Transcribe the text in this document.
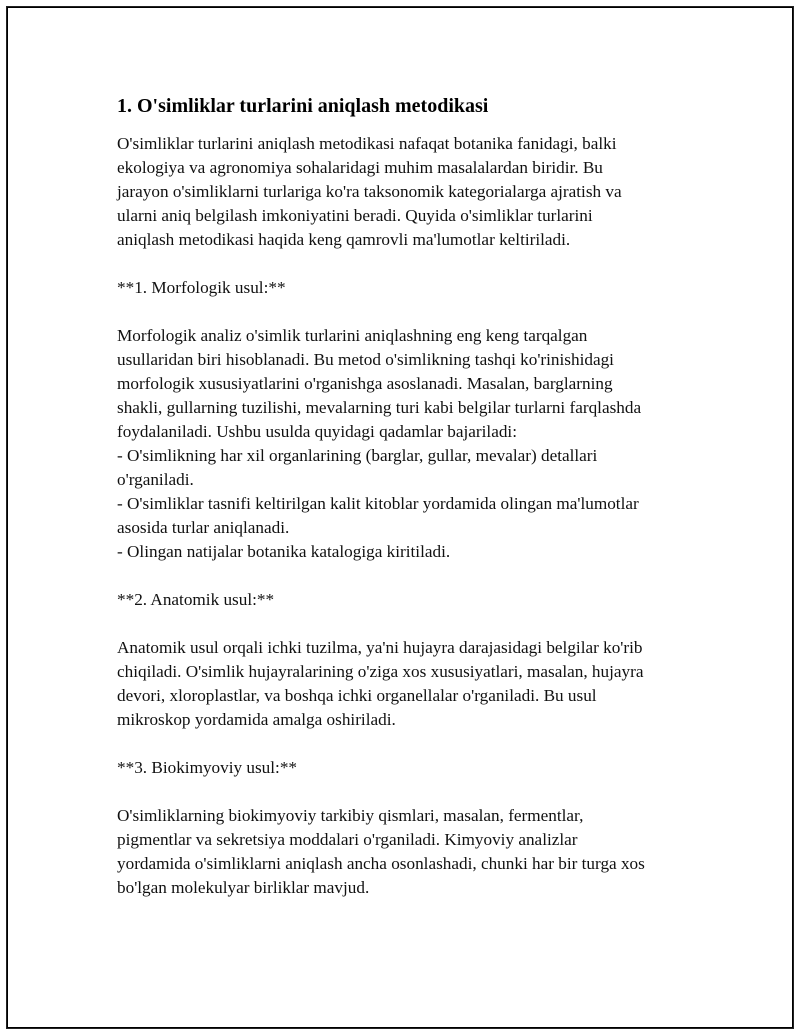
1. O'simliklar turlarini aniqlash metodikasi

O'simliklar turlarini aniqlash metodikasi nafaqat botanika fanidagi, balki
ekologiya va agronomiya sohalaridagi muhim masalalardan biridir. Bu
jarayon o'simliklarni turlariga ko'ra taksonomik kategorialarga ajratish va
ularni aniq belgilash imkoniyatini beradi. Quyida o'simliklar turlarini
aniqlash metodikasi haqida keng qamrovli ma'lumotlar keltiriladi.

**1. Morfologik usul:**

Morfologik analiz o'simlik turlarini aniqlashning eng keng tarqalgan
usullaridan biri hisoblanadi. Bu metod o'simlikning tashqi ko'rinishidagi
morfologik xususiyatlarini o'rganishga asoslanadi. Masalan, barglarning
shakli, gullarning tuzilishi, mevalarning turi kabi belgilar turlarni farqlashda
foydalaniladi. Ushbu usulda quyidagi qadamlar bajariladi:
- O'simlikning har xil organlarining (barglar, gullar, mevalar) detallari
o'rganiladi.
- O'simliklar tasnifi keltirilgan kalit kitoblar yordamida olingan ma'lumotlar
asosida turlar aniqlanadi.
- Olingan natijalar botanika katalogiga kiritiladi.

**2. Anatomik usul:**

Anatomik usul orqali ichki tuzilma, ya'ni hujayra darajasidagi belgilar ko'rib
chiqiladi. O'simlik hujayralarining o'ziga xos xususiyatlari, masalan, hujayra
devori, xloroplastlar, va boshqa ichki organellalar o'rganiladi. Bu usul
mikroskop yordamida amalga oshiriladi.

**3. Biokimyoviy usul:**

O'simliklarning biokimyoviy tarkibiy qismlari, masalan, fermentlar,
pigmentlar va sekretsiya moddalari o'rganiladi. Kimyoviy analizlar
yordamida o'simliklarni aniqlash ancha osonlashadi, chunki har bir turga xos
bo'lgan molekulyar birliklar mavjud.
